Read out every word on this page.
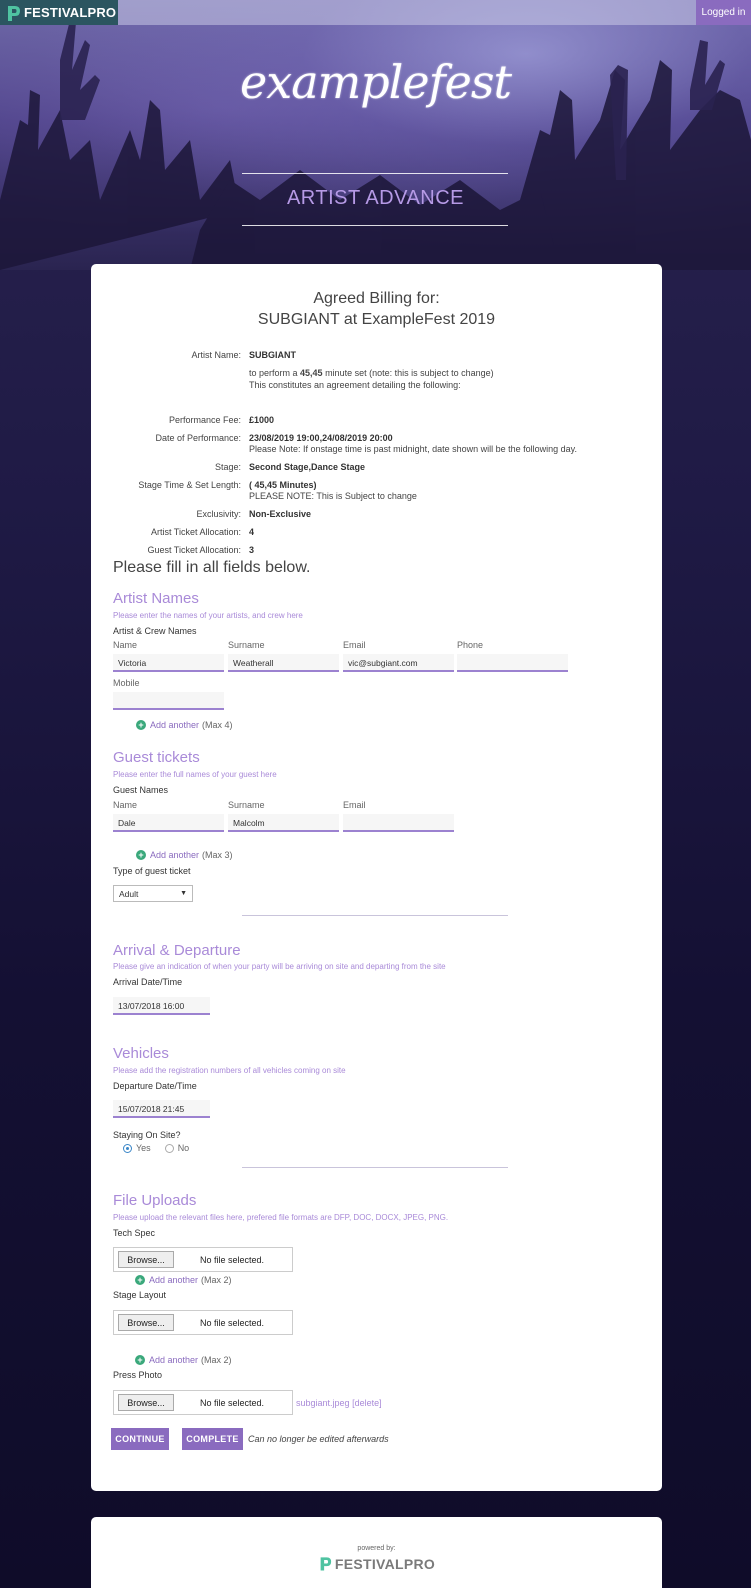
FESTIVALPRO	Logged in
examplefest
ARTIST ADVANCE
Agreed Billing for:
SUBGIANT at ExampleFest 2019
Artist Name: SUBGIANT
to perform a 45,45 minute set (note: this is subject to change)
This constitutes an agreement detailing the following:
Performance Fee: £1000
Date of Performance: 23/08/2019 19:00,24/08/2019 20:00
Please Note: If onstage time is past midnight, date shown will be the following day.
Stage: Second Stage,Dance Stage
Stage Time & Set Length: ( 45,45 Minutes)
PLEASE NOTE: This is Subject to change
Exclusivity: Non-Exclusive
Artist Ticket Allocation: 4
Guest Ticket Allocation: 3
Please fill in all fields below.
Artist Names
Please enter the names of your artists, and crew here
Artist & Crew Names
Name	Surname	Email	Phone
Victoria	Weatherall	vic@subgiant.com
Mobile
+ Add another (Max 4)
Guest tickets
Please enter the full names of your guest here
Guest Names
Name	Surname	Email
Dale	Malcolm
+ Add another (Max 3)
Type of guest ticket
Adult	▼
Arrival & Departure
Please give an indication of when your party will be arriving on site and departing from the site
Arrival Date/Time
13/07/2018 16:00
Vehicles
Please add the registration numbers of all vehicles coming on site
Departure Date/Time
15/07/2018 21:45
Staying On Site?
Yes	No
File Uploads
Please upload the relevant files here, prefered file formats are DFP, DOC, DOCX, JPEG, PNG.
Tech Spec
Browse...	No file selected.
+ Add another (Max 2)
Stage Layout
Browse...	No file selected.
+ Add another (Max 2)
Press Photo
Browse...	No file selected.	subgiant.jpeg [delete]
CONTINUE	COMPLETE	Can no longer be edited afterwards
powered by:
FESTIVALPRO
